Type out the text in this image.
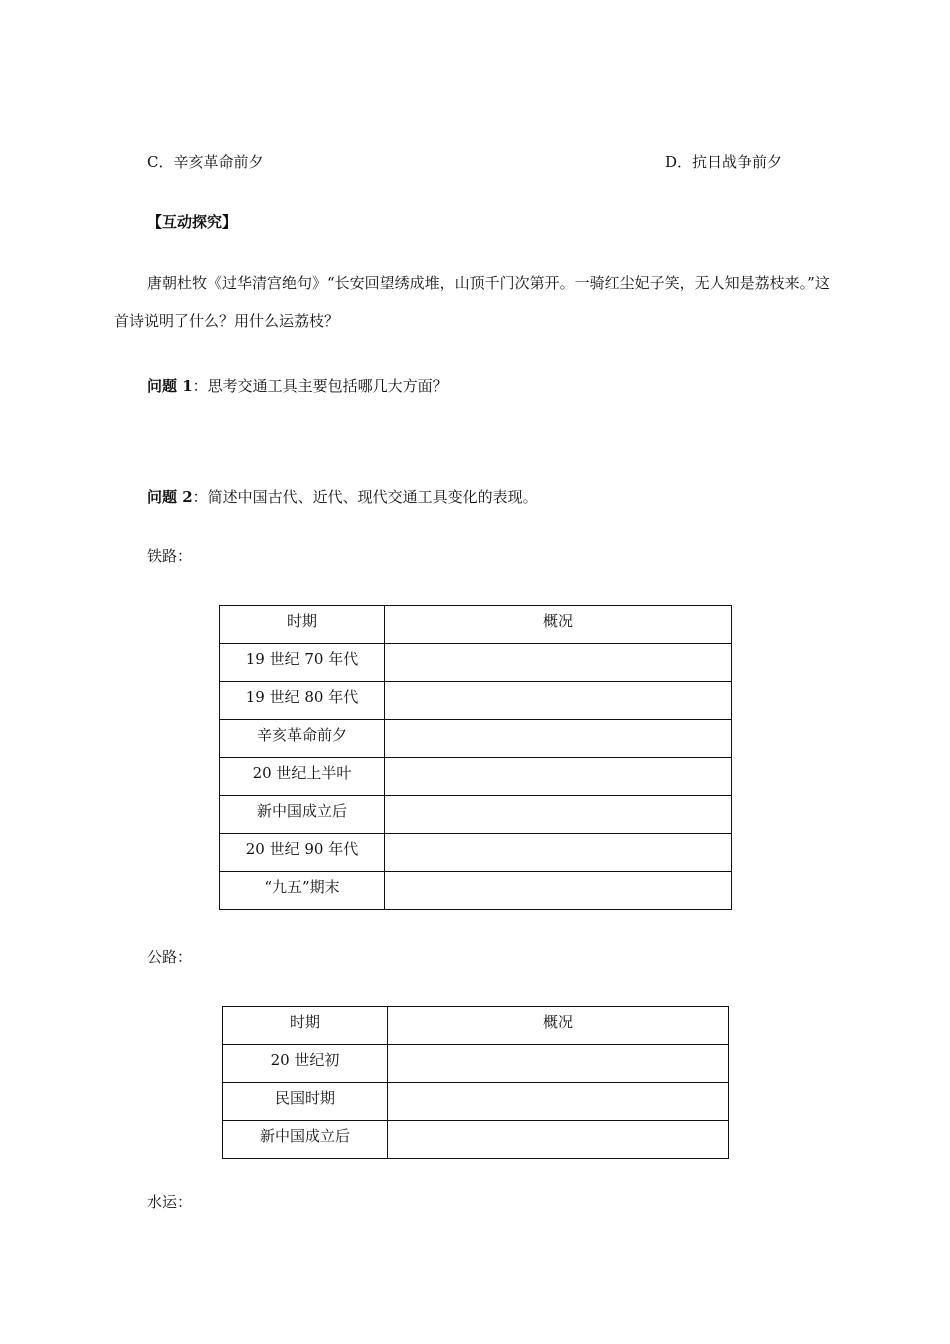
C．辛亥革命前夕	D．抗日战争前夕
【互动探究】
唐朝杜牧《过华清宫绝句》“长安回望绣成堆，山顶千门次第开。一骑红尘妃子笑，无人知是荔枝来。”这首诗说明了什么？用什么运荔枝？
问题 1：思考交通工具主要包括哪几大方面？
问题 2：简述中国古代、近代、现代交通工具变化的表现。
铁路：
时期	概况
19 世纪 70 年代	
19 世纪 80 年代	
辛亥革命前夕	
20 世纪上半叶	
新中国成立后	
20 世纪 90 年代	
“九五”期末	
公路：
时期	概况
20 世纪初	
民国时期	
新中国成立后	
水运：
